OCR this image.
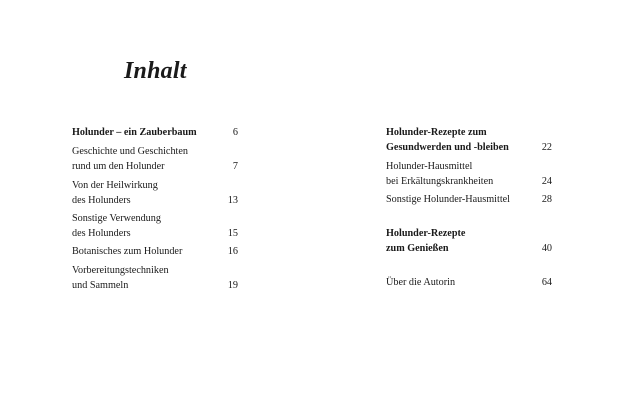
Inhalt
Holunder – ein Zauberbaum	6
Geschichte und Geschichten
rund um den Holunder	7
Von der Heilwirkung
des Holunders	13
Sonstige Verwendung
des Holunders	15
Botanisches zum Holunder	16
Vorbereitungstechniken
und Sammeln	19
Holunder-Rezepte zum
Gesundwerden und -bleiben	22
Holunder-Hausmittel
bei Erkältungskrankheiten	24
Sonstige Holunder-Hausmittel	28
Holunder-Rezepte
zum Genießen	40
Über die Autorin	64
